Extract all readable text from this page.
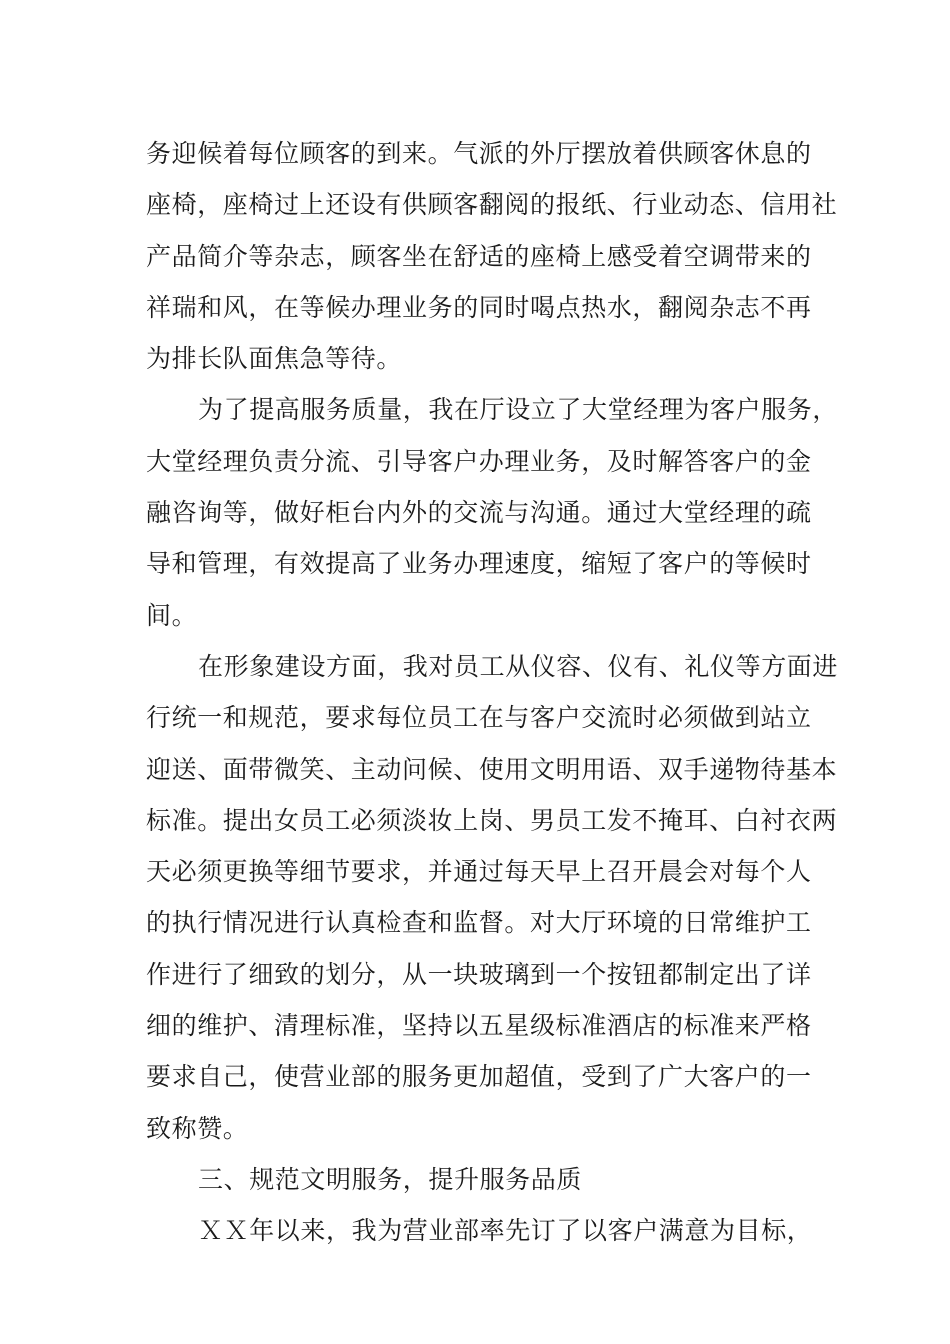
务迎候着每位顾客的到来。气派的外厅摆放着供顾客休息的
座椅，座椅过上还设有供顾客翻阅的报纸、行业动态、信用社
产品简介等杂志，顾客坐在舒适的座椅上感受着空调带来的
祥瑞和风，在等候办理业务的同时喝点热水，翻阅杂志不再
为排长队面焦急等待。
为了提高服务质量，我在厅设立了大堂经理为客户服务，
大堂经理负责分流、引导客户办理业务，及时解答客户的金
融咨询等，做好柜台内外的交流与沟通。通过大堂经理的疏
导和管理，有效提高了业务办理速度，缩短了客户的等候时
间。
在形象建设方面，我对员工从仪容、仪有、礼仪等方面进
行统一和规范，要求每位员工在与客户交流时必须做到站立
迎送、面带微笑、主动问候、使用文明用语、双手递物待基本
标准。提出女员工必须淡妆上岗、男员工发不掩耳、白衬衣两
天必须更换等细节要求，并通过每天早上召开晨会对每个人
的执行情况进行认真检查和监督。对大厅环境的日常维护工
作进行了细致的划分，从一块玻璃到一个按钮都制定出了详
细的维护、清理标准，坚持以五星级标准酒店的标准来严格
要求自己，使营业部的服务更加超值，受到了广大客户的一
致称赞。
三、规范文明服务，提升服务品质
ＸＸ年以来，我为营业部率先订了以客户满意为目标，
